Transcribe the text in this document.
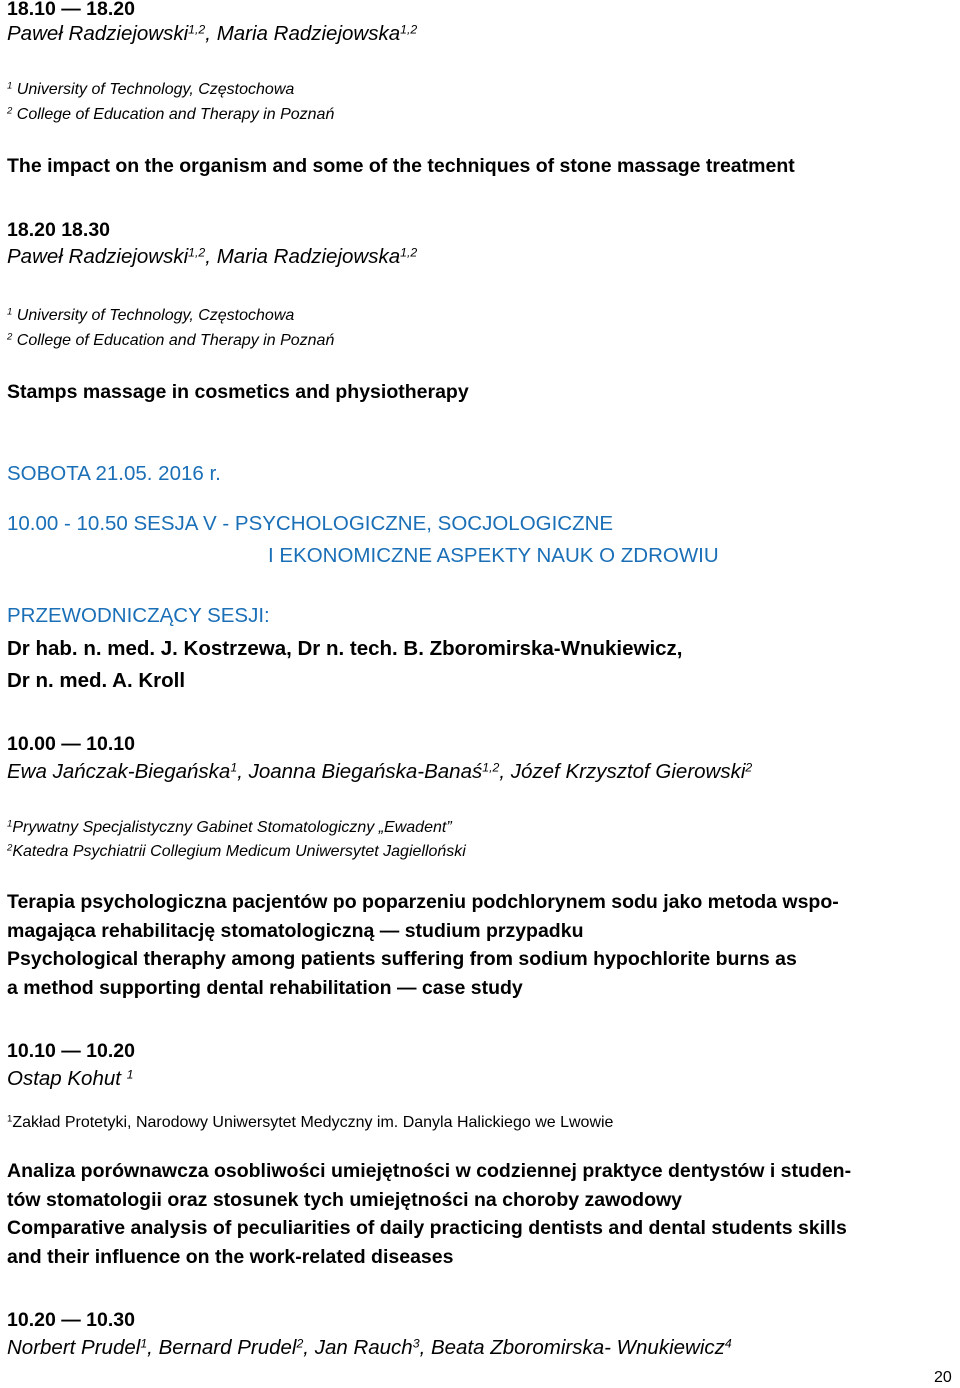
18.10 — 18.20
Paweł Radziejowski$^{1,2}$, Maria Radziejowska$^{1,2}$
$^1$ University of Technology, Częstochowa
$^2$ College of Education and Therapy in Poznań
The impact on the organism and some of the techniques of stone massage treatment
18.20 18.30
Paweł Radziejowski$^{1,2}$, Maria Radziejowska$^{1,2}$
$^1$ University of Technology, Częstochowa
$^2$ College of Education and Therapy in Poznań
Stamps massage in cosmetics and physiotherapy
SOBOTA 21.05. 2016 r.
10.00 - 10.50 SESJA V - PSYCHOLOGICZNE, SOCJOLOGICZNE
I EKONOMICZNE ASPEKTY NAUK O ZDROWIU
PRZEWODNICZĄCY SESJI:
Dr hab. n. med. J. Kostrzewa, Dr n. tech. B. Zboromirska-Wnukiewicz,
Dr n. med. A. Kroll
10.00 — 10.10
Ewa Jańczak-Biegańska$^1$, Joanna Biegańska-Banaś$^{1,2}$, Józef Krzysztof Gierowski$^2$
$^1$Prywatny Specjalistyczny Gabinet Stomatologiczny „Ewadent”
$^2$Katedra Psychiatrii Collegium Medicum Uniwersytet Jagielloński
Terapia psychologiczna pacjentów po poparzeniu podchlorynem sodu jako metoda wspo-
magająca rehabilitację stomatologiczną — studium przypadku
Psychological theraphy among patients suffering from sodium hypochlorite burns as
a method supporting dental rehabilitation — case study
10.10 — 10.20
Ostap Kohut $^1$
$^1$Zakład Protetyki, Narodowy Uniwersytet Medyczny im. Danyla Halickiego we Lwowie
Analiza porównawcza osobliwości umiejętności w codziennej praktyce dentystów i studen-
tów stomatologii oraz stosunek tych umiejętności na choroby zawodowy
Comparative analysis of peculiarities of daily practicing dentists and dental students skills
and their influence on the work-related diseases
10.20 — 10.30
Norbert Prudel$^1$, Bernard Prudel$^2$, Jan Rauch$^3$, Beata Zboromirska- Wnukiewicz$^4$
20
